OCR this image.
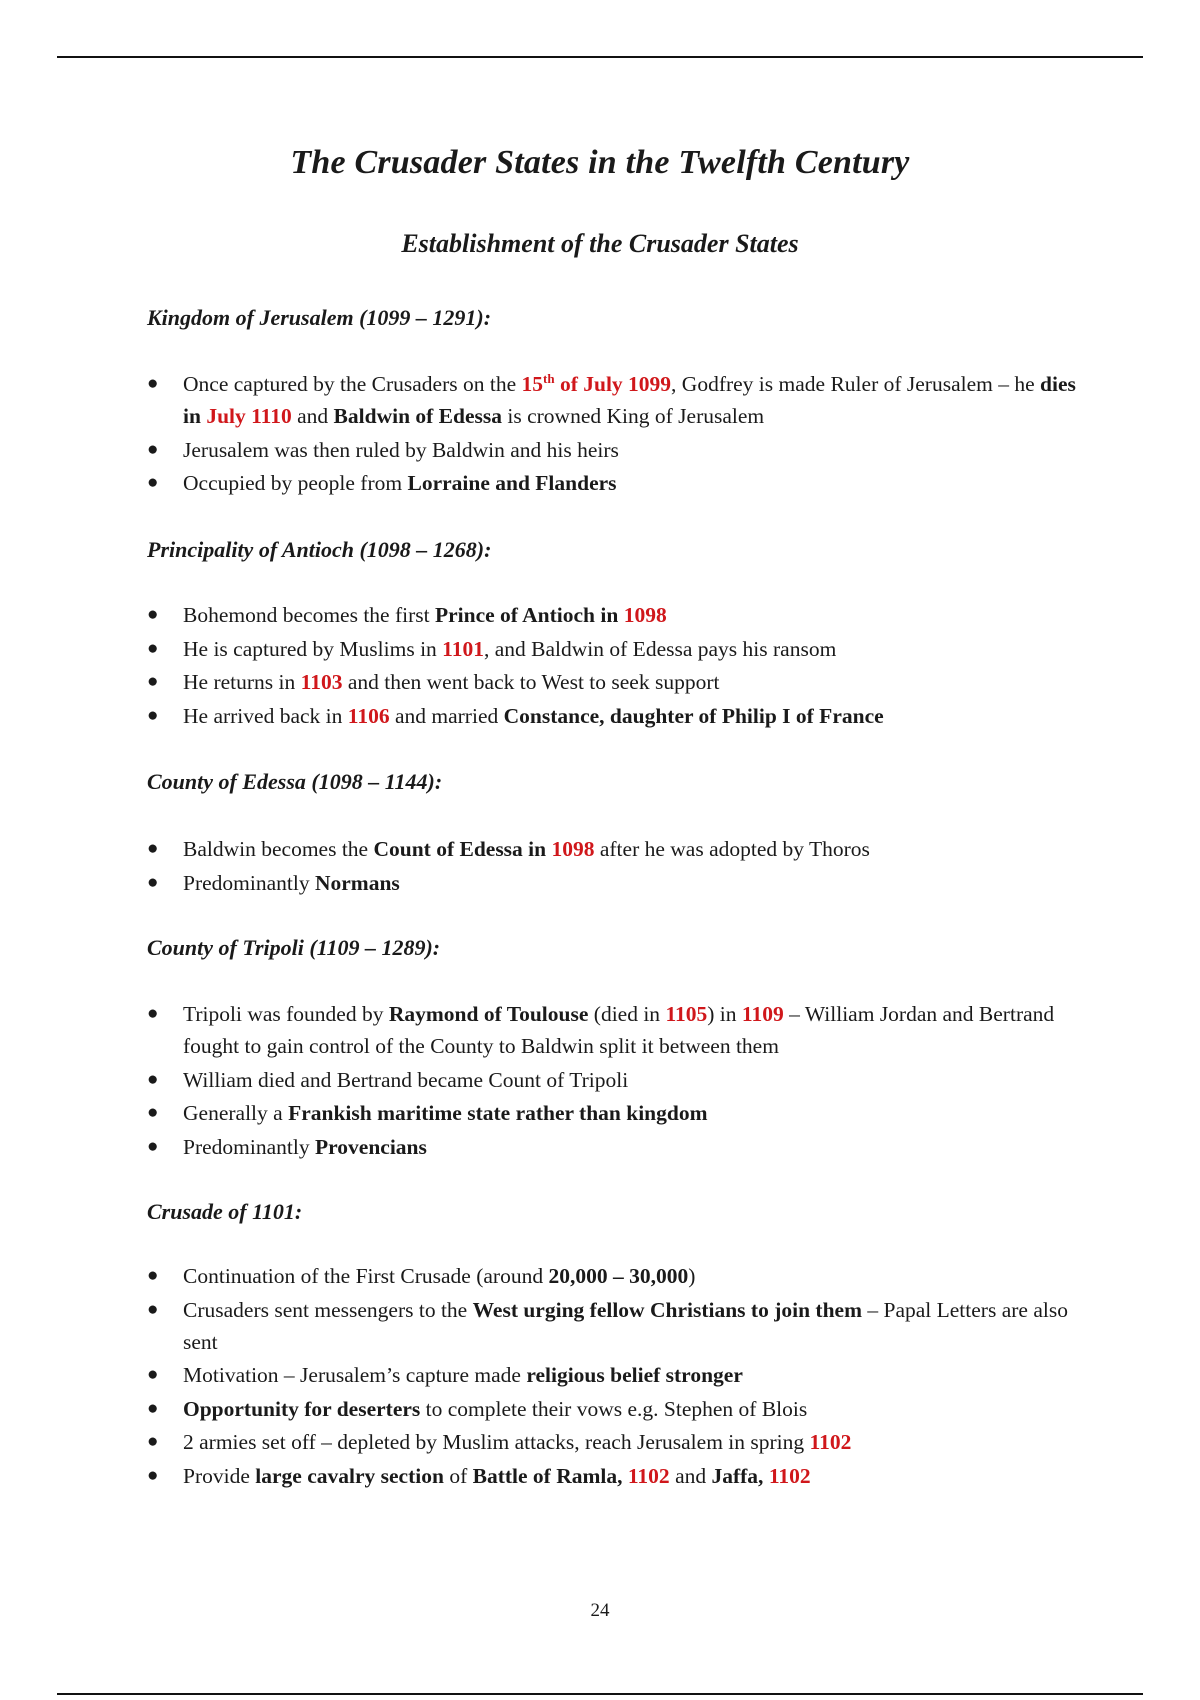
The Crusader States in the Twelfth Century
Establishment of the Crusader States

Kingdom of Jerusalem (1099 – 1291):

● Once captured by the Crusaders on the 15th of July 1099, Godfrey is made Ruler of Jerusalem – he dies in July 1110 and Baldwin of Edessa is crowned King of Jerusalem
● Jerusalem was then ruled by Baldwin and his heirs
● Occupied by people from Lorraine and Flanders

Principality of Antioch (1098 – 1268):

● Bohemond becomes the first Prince of Antioch in 1098
● He is captured by Muslims in 1101, and Baldwin of Edessa pays his ransom
● He returns in 1103 and then went back to West to seek support
● He arrived back in 1106 and married Constance, daughter of Philip I of France

County of Edessa (1098 – 1144):

● Baldwin becomes the Count of Edessa in 1098 after he was adopted by Thoros
● Predominantly Normans

County of Tripoli (1109 – 1289):

● Tripoli was founded by Raymond of Toulouse (died in 1105) in 1109 – William Jordan and Bertrand fought to gain control of the County to Baldwin split it between them
● William died and Bertrand became Count of Tripoli
● Generally a Frankish maritime state rather than kingdom
● Predominantly Provencians

Crusade of 1101:

● Continuation of the First Crusade (around 20,000 – 30,000)
● Crusaders sent messengers to the West urging fellow Christians to join them – Papal Letters are also sent
● Motivation – Jerusalem’s capture made religious belief stronger
● Opportunity for deserters to complete their vows e.g. Stephen of Blois
● 2 armies set off – depleted by Muslim attacks, reach Jerusalem in spring 1102
● Provide large cavalry section of Battle of Ramla, 1102 and Jaffa, 1102
24
